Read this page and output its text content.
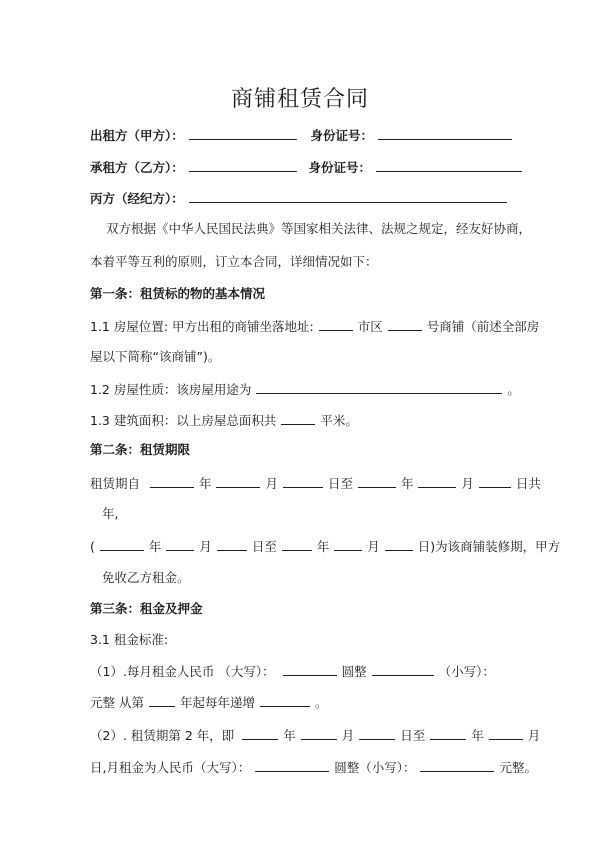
商铺租赁合同
出租方（甲方）：	身份证号：
承租方（乙方）：	身份证号：
丙方（经纪方）：
双方根据《中华人民国民法典》等国家相关法律、法规之规定，经友好协商，
本着平等互利的原则，订立本合同，详细情况如下：
第一条：租赁标的物的基本情况
1.1 房屋位置: 甲方出租的商铺坐落地址:	市区	号商铺（前述全部房
屋以下简称“该商铺”)。
1.2 房屋性质：该房屋用途为	。
1.3 建筑面积：以上房屋总面积共	平米。
第二条：租赁期限
租赁期自	年	月	日至	年	月	日共
年,
(	年	月	日至	年	月	日)为该商铺装修期，甲方
免收乙方租金。
第三条：租金及押金
3.1 租金标准:
（1）.每月租金人民币 （大写）：	圆整	（小写）：
元整 从第	年起每年递增	。
（2）. 租赁期第 2 年，即	年	月	日至	年	月
日,月租金为人民币（大写）：	圆整（小写）：	元整。
